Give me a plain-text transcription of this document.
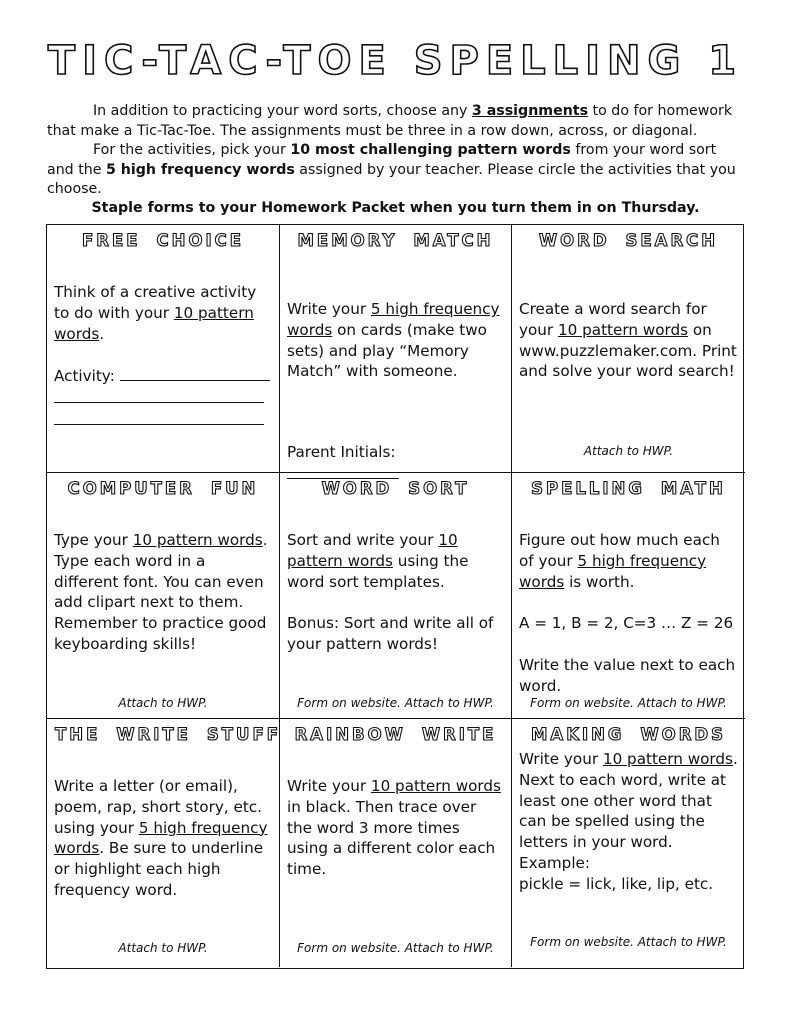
TIC-TAC-TOE SPELLING 1

In addition to practicing your word sorts, choose any 3 assignments to do for homework that make a Tic-Tac-Toe. The assignments must be three in a row down, across, or diagonal.

For the activities, pick your 10 most challenging pattern words from your word sort and the 5 high frequency words assigned by your teacher. Please circle the activities that you choose.

Staple forms to your Homework Packet when you turn them in on Thursday.
FREE CHOICE

Think of a creative activity to do with your 10 pattern words.

Activity:

MEMORY MATCH

Write your 5 high frequency words on cards (make two sets) and play “Memory Match” with someone.

Parent Initials:

WORD SEARCH

Create a word search for your 10 pattern words on www.puzzlemaker.com. Print and solve your word search!

Attach to HWP.
COMPUTER FUN

Type your 10 pattern words. Type each word in a different font. You can even add clipart next to them. Remember to practice good keyboarding skills!

Attach to HWP.
WORD SORT

Sort and write your 10 pattern words using the word sort templates.

Bonus: Sort and write all of your pattern words!

Form on website. Attach to HWP.
SPELLING MATH

Figure out how much each of your 5 high frequency words is worth.

A = 1, B = 2, C=3 … Z = 26

Write the value next to each word.

Form on website. Attach to HWP.
THE WRITE STUFF

Write a letter (or email), poem, rap, short story, etc. using your 5 high frequency words. Be sure to underline or highlight each high frequency word.

Attach to HWP.
RAINBOW WRITE

Write your 10 pattern words in black. Then trace over the word 3 more times using a different color each time.

Form on website. Attach to HWP.
MAKING WORDS

Write your 10 pattern words. Next to each word, write at least one other word that can be spelled using the letters in your word.

Example:

pickle = lick, like, lip, etc.

Form on website. Attach to HWP.
